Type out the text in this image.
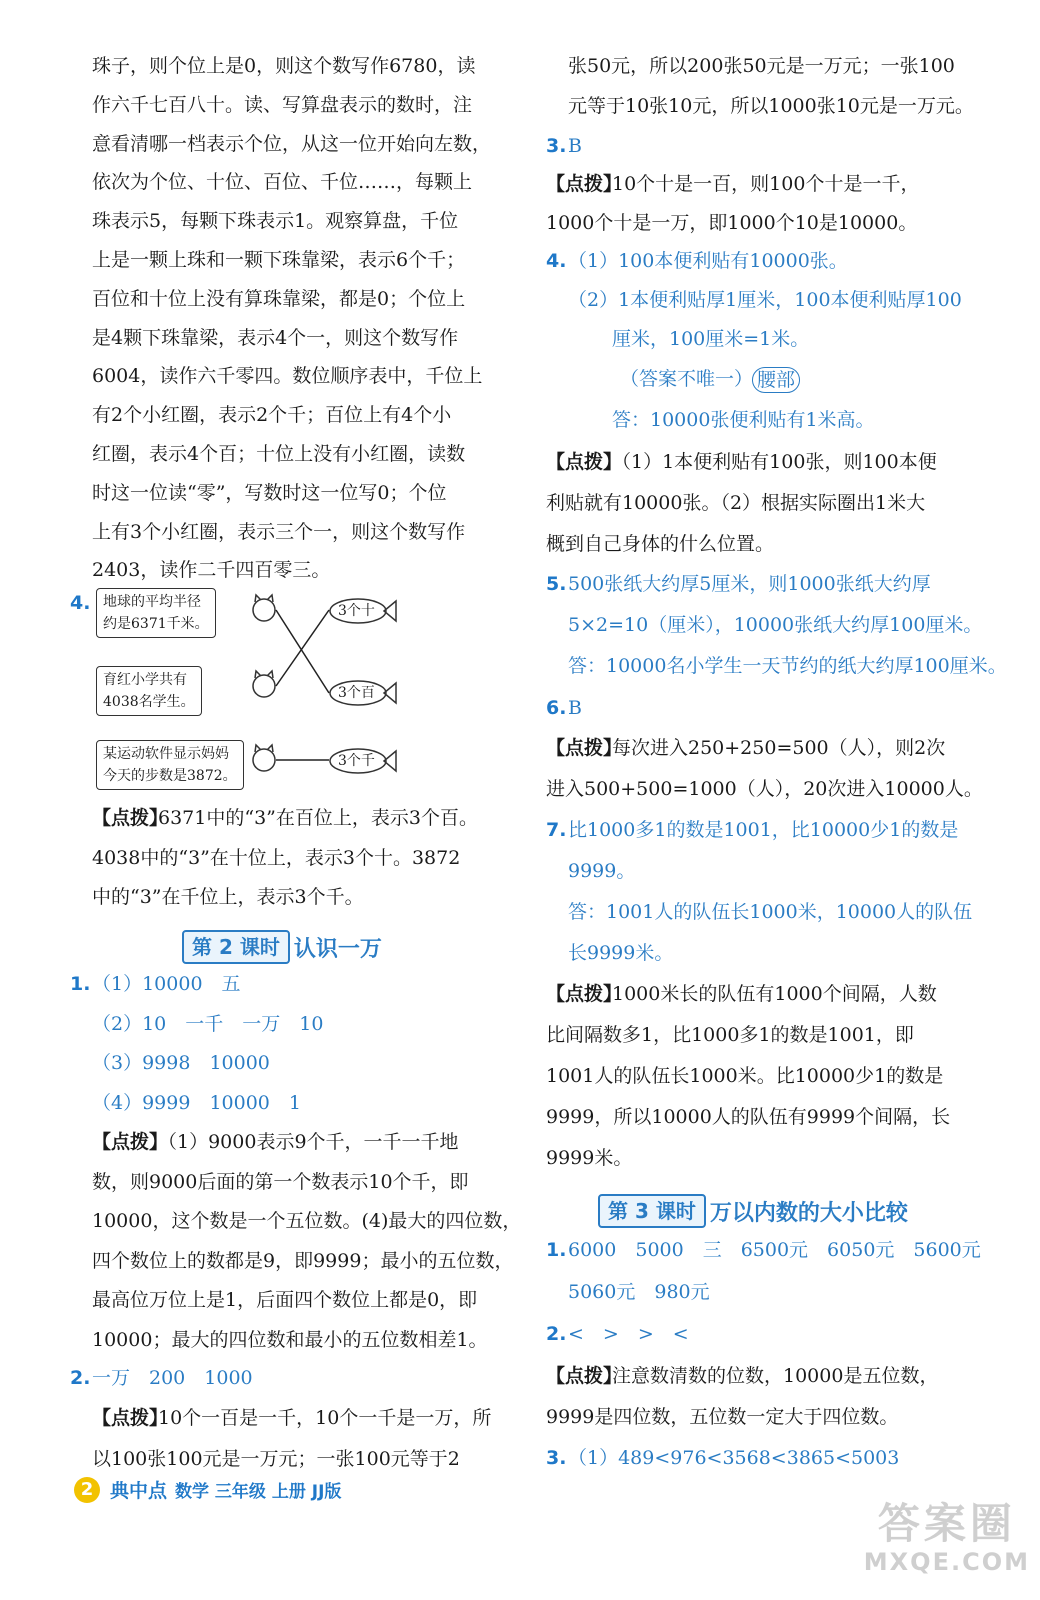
珠子，则个位上是0，则这个数写作6780，读
作六千七百八十。读、写算盘表示的数时，注
意看清哪一档表示个位，从这一位开始向左数，
依次为个位、十位、百位、千位……，每颗上
珠表示5，每颗下珠表示1。观察算盘，千位
上是一颗上珠和一颗下珠靠梁，表示6个千；
百位和十位上没有算珠靠梁，都是0；个位上
是4颗下珠靠梁，表示4个一，则这个数写作
6004，读作六千零四。数位顺序表中，千位上
有2个小红圈，表示2个千；百位上有4个小
红圈，表示4个百；十位上没有小红圈，读数
时这一位读“零”，写数时这一位写0；个位
上有3个小红圈，表示三个一，则这个数写作
2403，读作二千四百零三。
4. 地球的平均半径
约是6371千米。
育红小学共有
4038名学生。
某运动软件显示妈妈
今天的步数是3872。
3个十
3个百
3个千
【点拨】
6371中的“3”在百位上，表示3个百。
4038中的“3”在十位上，表示3个十。3872
中的“3”在千位上，表示3个千。
第 2 课时 认识一万
1. （1）10000　五
（2）10　一千　一万　10
（3）9998　10000
（4）9999　10000　1
【点拨】
（1）9000表示9个千，一千一千地
数，则9000后面的第一个数表示10个千，即
10000，这个数是一个五位数。(4)最大的四位数，
四个数位上的数都是9，即9999；最小的五位数，
最高位万位上是1，后面四个数位上都是0，即
10000；最大的四位数和最小的五位数相差1。
2. 一万　200　1000
【点拨】
10个一百是一千，10个一千是一万，所
以100张100元是一万元；一张100元等于2
张50元，所以200张50元是一万元；一张100
元等于10张10元，所以1000张10元是一万元。
3. B
【点拨】
10个十是一百，则100个十是一千，
1000个十是一万，即1000个10是10000。
4. （1）100本便利贴有10000张。
（2）1本便利贴厚1厘米，100本便利贴厚100
厘米，100厘米=1米。
（答案不唯一） 腰部
答：10000张便利贴有1米高。
【点拨】
（1）1本便利贴有100张，则100本便
利贴就有10000张。（2）根据实际圈出1米大
概到自己身体的什么位置。
5. 500张纸大约厚5厘米，则1000张纸大约厚
5×2=10（厘米），10000张纸大约厚100厘米。
答：10000名小学生一天节约的纸大约厚100厘米。
6. B
【点拨】
每次进入250+250=500（人），则2次
进入500+500=1000（人），20次进入10000人。
7. 比1000多1的数是1001，比10000少1的数是
9999。
答：1001人的队伍长1000米，10000人的队伍
长9999米。
【点拨】
1000米长的队伍有1000个间隔，人数
比间隔数多1，比1000多1的数是1001，即
1001人的队伍长1000米。比10000少1的数是
9999，所以10000人的队伍有9999个间隔，长
9999米。
第 3 课时 万以内数的大小比较
1. 6000　5000　三　6500元　6050元　5600元
5060元　980元
2. <　>　>　<
【点拨】
注意数清数的位数，10000是五位数，
9999是四位数，五位数一定大于四位数。
3. （1）489<976<3568<3865<5003
2 典中点 数学 三年级 上册 JJ版
答案圈
MXQE.COM
